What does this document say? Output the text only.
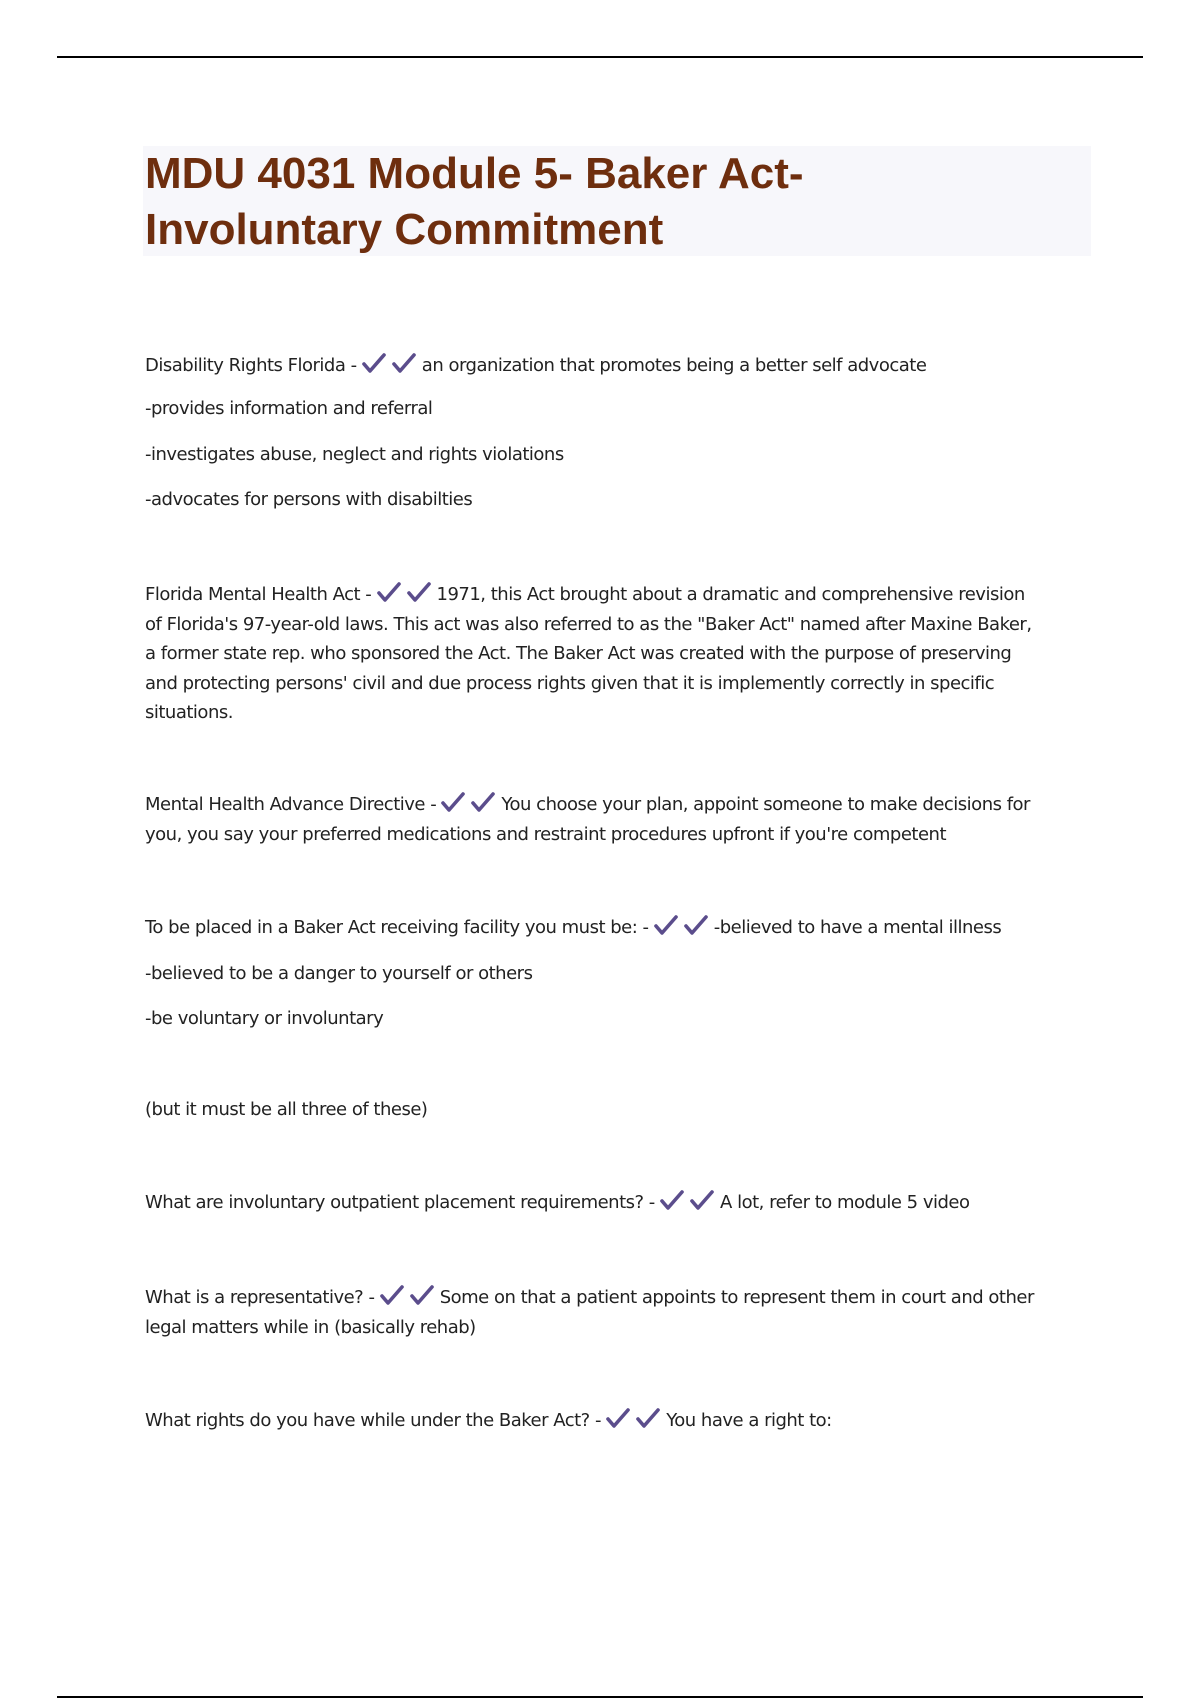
MDU 4031 Module 5- Baker Act-
Involuntary Commitment
Disability Rights Florida -	an organization that promotes being a better self advocate
-provides information and referral
-investigates abuse, neglect and rights violations
-advocates for persons with disabilties
Florida Mental Health Act -	1971, this Act brought about a dramatic and comprehensive revision
of Florida's 97-year-old laws. This act was also referred to as the "Baker Act" named after Maxine Baker,
a former state rep. who sponsored the Act. The Baker Act was created with the purpose of preserving
and protecting persons' civil and due process rights given that it is implemently correctly in specific
situations.
Mental Health Advance Directive -	You choose your plan, appoint someone to make decisions for
you, you say your preferred medications and restraint procedures upfront if you're competent
To be placed in a Baker Act receiving facility you must be: -	-believed to have a mental illness
-believed to be a danger to yourself or others
-be voluntary or involuntary
(but it must be all three of these)
What are involuntary outpatient placement requirements? -	A lot, refer to module 5 video
What is a representative? -	Some on that a patient appoints to represent them in court and other
legal matters while in (basically rehab)
What rights do you have while under the Baker Act? -	You have a right to:
